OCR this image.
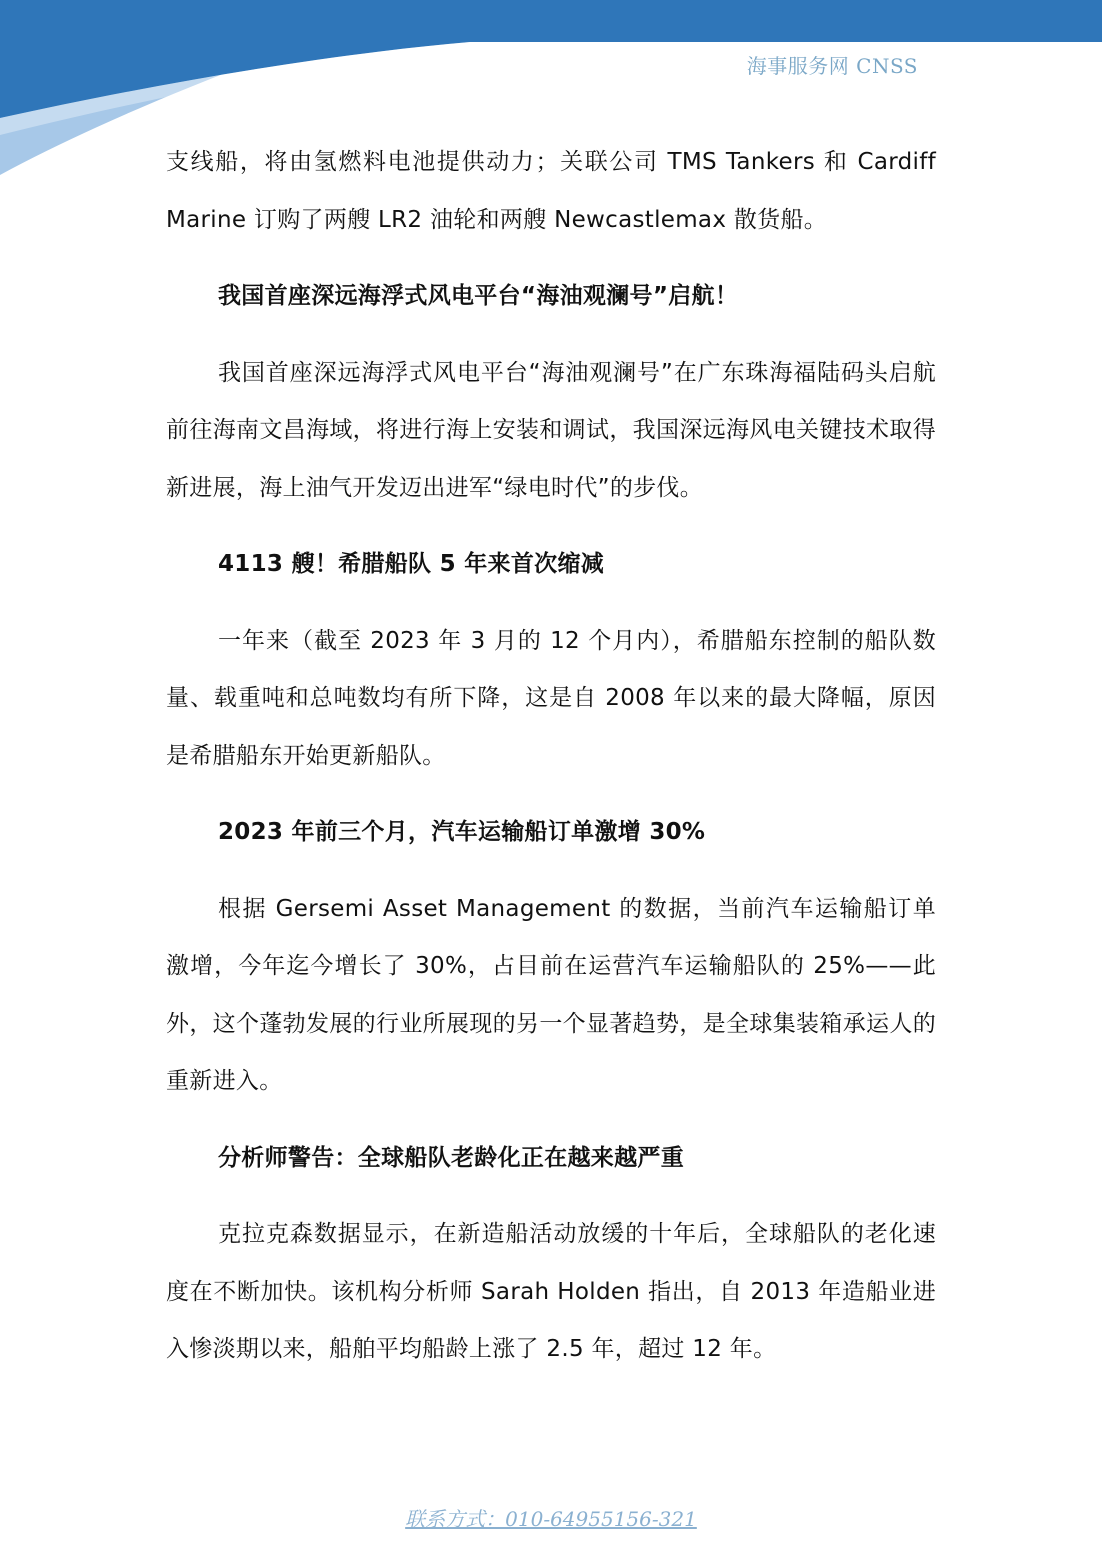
海事服务网 CNSS

支线船，将由氢燃料电池提供动力；关联公司 TMS Tankers 和 Cardiff Marine 订购了两艘 LR2 油轮和两艘 Newcastlemax 散货船。

我国首座深远海浮式风电平台“海油观澜号”启航！

我国首座深远海浮式风电平台“海油观澜号”在广东珠海福陆码头启航前往海南文昌海域，将进行海上安装和调试，我国深远海风电关键技术取得新进展，海上油气开发迈出进军“绿电时代”的步伐。

4113 艘！希腊船队 5 年来首次缩减

一年来（截至 2023 年 3 月的 12 个月内），希腊船东控制的船队数量、载重吨和总吨数均有所下降，这是自 2008 年以来的最大降幅，原因是希腊船东开始更新船队。

2023 年前三个月，汽车运输船订单激增 30%

根据 Gersemi Asset Management 的数据，当前汽车运输船订单激增，今年迄今增长了 30%，占目前在运营汽车运输船队的 25%——此外，这个蓬勃发展的行业所展现的另一个显著趋势，是全球集装箱承运人的重新进入。

分析师警告：全球船队老龄化正在越来越严重

克拉克森数据显示，在新造船活动放缓的十年后，全球船队的老化速度在不断加快。该机构分析师 Sarah Holden 指出，自 2013 年造船业进入惨淡期以来，船舶平均船龄上涨了 2.5 年，超过 12 年。

联系方式：010-64955156-321
